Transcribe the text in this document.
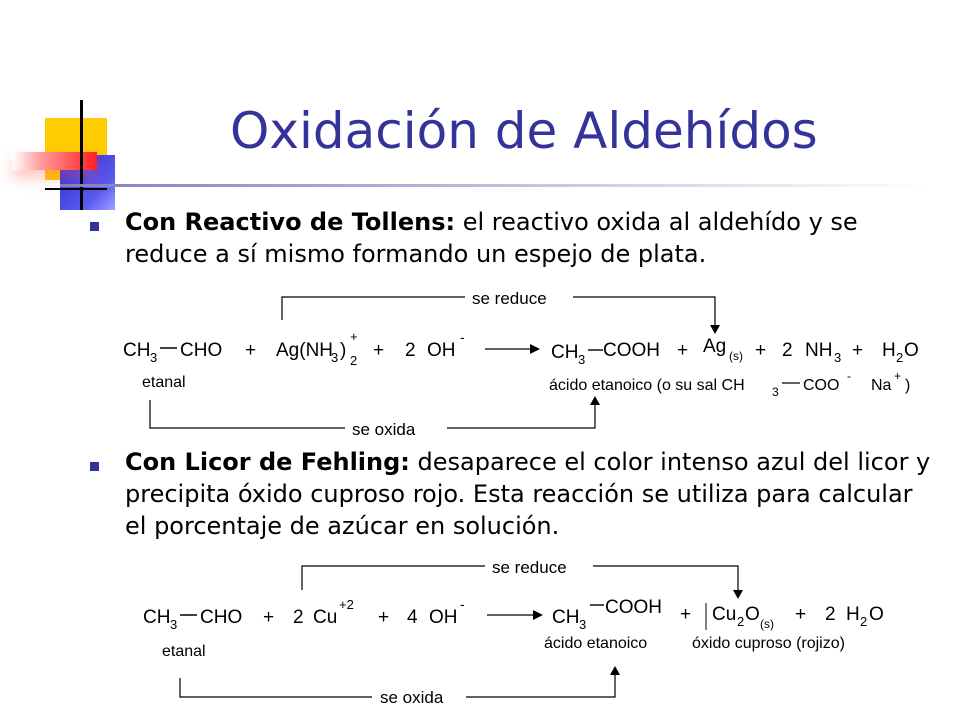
Oxidación de Aldehídos
Con Reactivo de Tollens: el reactivo oxida al aldehído y se reduce a sí mismo formando un espejo de plata.
se reduce
se oxida
CH 3 CHO + Ag(NH
3 )
+
2 + 2 OH
-
CH 3 COOH + Ag (s) + 2 NH 3 + H 2 O
etanal	ácido etanoico (o su sal CH 3 COO
-
Na
+
)
Con Licor de Fehling: desaparece el color intenso azul del licor y precipita óxido cuproso rojo. Esta reacción se utiliza para calcular el porcentaje de azúcar en solución.
se reduce
se oxida
CH 3 CHO + 2 Cu
+2
+ 4 OH
-
CH 3
COOH + Cu 2 O (s) + 2 H 2 O
etanal	ácido etanoico	óxido cuproso (rojizo)
